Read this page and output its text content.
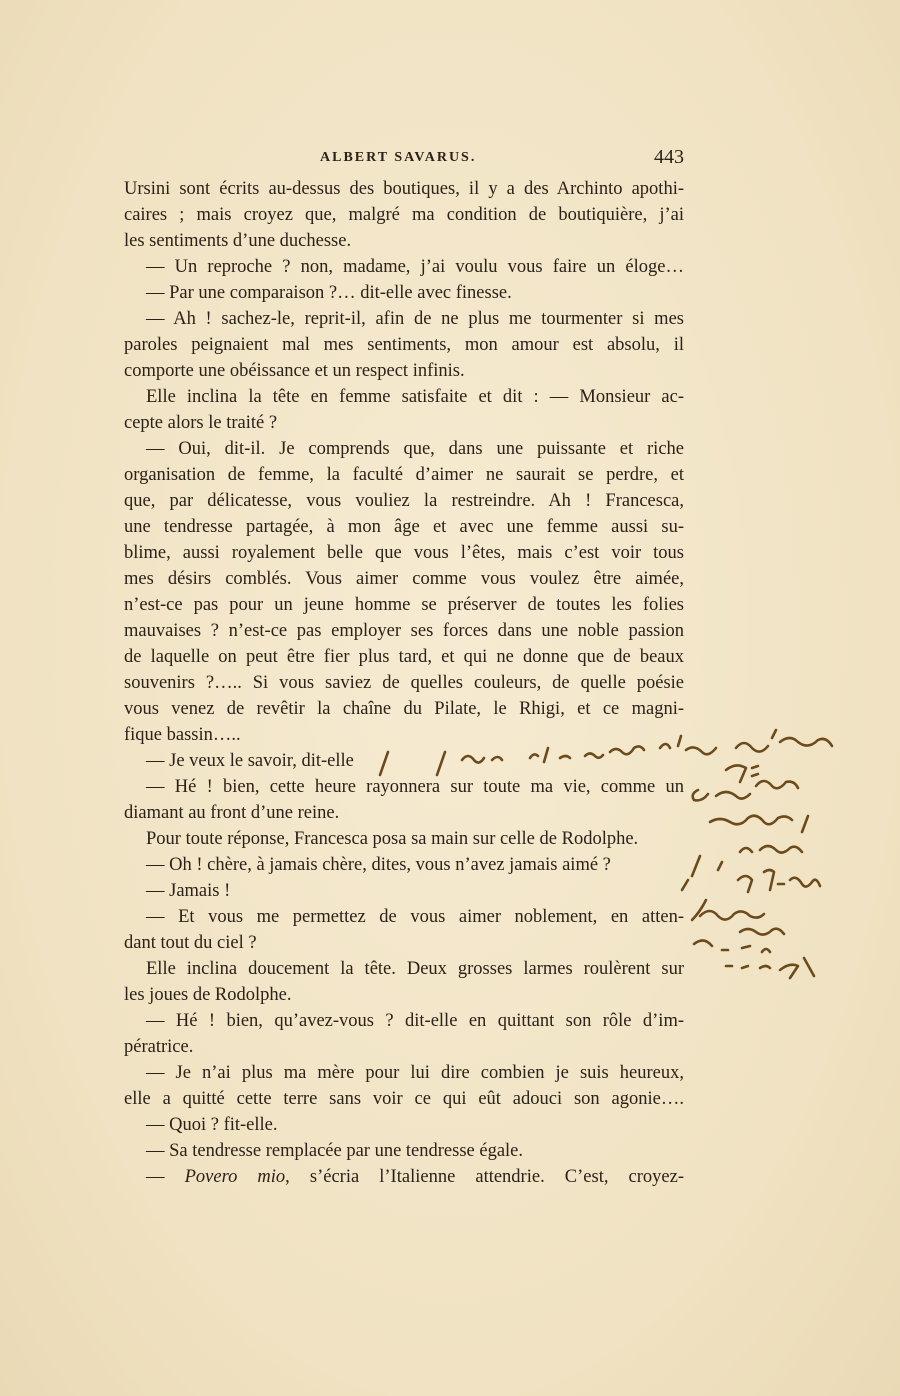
ALBERT SAVARUS.	443
Ursini sont écrits au-dessus des boutiques, il y a des Archinto apothi-
caires ; mais croyez que, malgré ma condition de boutiquière, j’ai
les sentiments d’une duchesse.
— Un reproche ? non, madame, j’ai voulu vous faire un éloge…
— Par une comparaison ?… dit-elle avec finesse.
— Ah ! sachez-le, reprit-il, afin de ne plus me tourmenter si mes
paroles peignaient mal mes sentiments, mon amour est absolu, il
comporte une obéissance et un respect infinis.
Elle inclina la tête en femme satisfaite et dit : — Monsieur ac-
cepte alors le traité ?
— Oui, dit-il. Je comprends que, dans une puissante et riche
organisation de femme, la faculté d’aimer ne saurait se perdre, et
que, par délicatesse, vous vouliez la restreindre. Ah ! Francesca,
une tendresse partagée, à mon âge et avec une femme aussi su-
blime, aussi royalement belle que vous l’êtes, mais c’est voir tous
mes désirs comblés. Vous aimer comme vous voulez être aimée,
n’est-ce pas pour un jeune homme se préserver de toutes les folies
mauvaises ? n’est-ce pas employer ses forces dans une noble passion
de laquelle on peut être fier plus tard, et qui ne donne que de beaux
souvenirs ?….. Si vous saviez de quelles couleurs, de quelle poésie
vous venez de revêtir la chaîne du Pilate, le Rhigi, et ce magni-
fique bassin…..
— Je veux le savoir, dit-elle
— Hé ! bien, cette heure rayonnera sur toute ma vie, comme un
diamant au front d’une reine.
Pour toute réponse, Francesca posa sa main sur celle de Rodolphe.
— Oh ! chère, à jamais chère, dites, vous n’avez jamais aimé ?
— Jamais !
— Et vous me permettez de vous aimer noblement, en atten-
dant tout du ciel ?
Elle inclina doucement la tête. Deux grosses larmes roulèrent sur
les joues de Rodolphe.
— Hé ! bien, qu’avez-vous ? dit-elle en quittant son rôle d’im-
pératrice.
— Je n’ai plus ma mère pour lui dire combien je suis heureux,
elle a quitté cette terre sans voir ce qui eût adouci son agonie….
— Quoi ? fit-elle.
— Sa tendresse remplacée par une tendresse égale.
— Povero mio, s’écria l’Italienne attendrie. C’est, croyez-
